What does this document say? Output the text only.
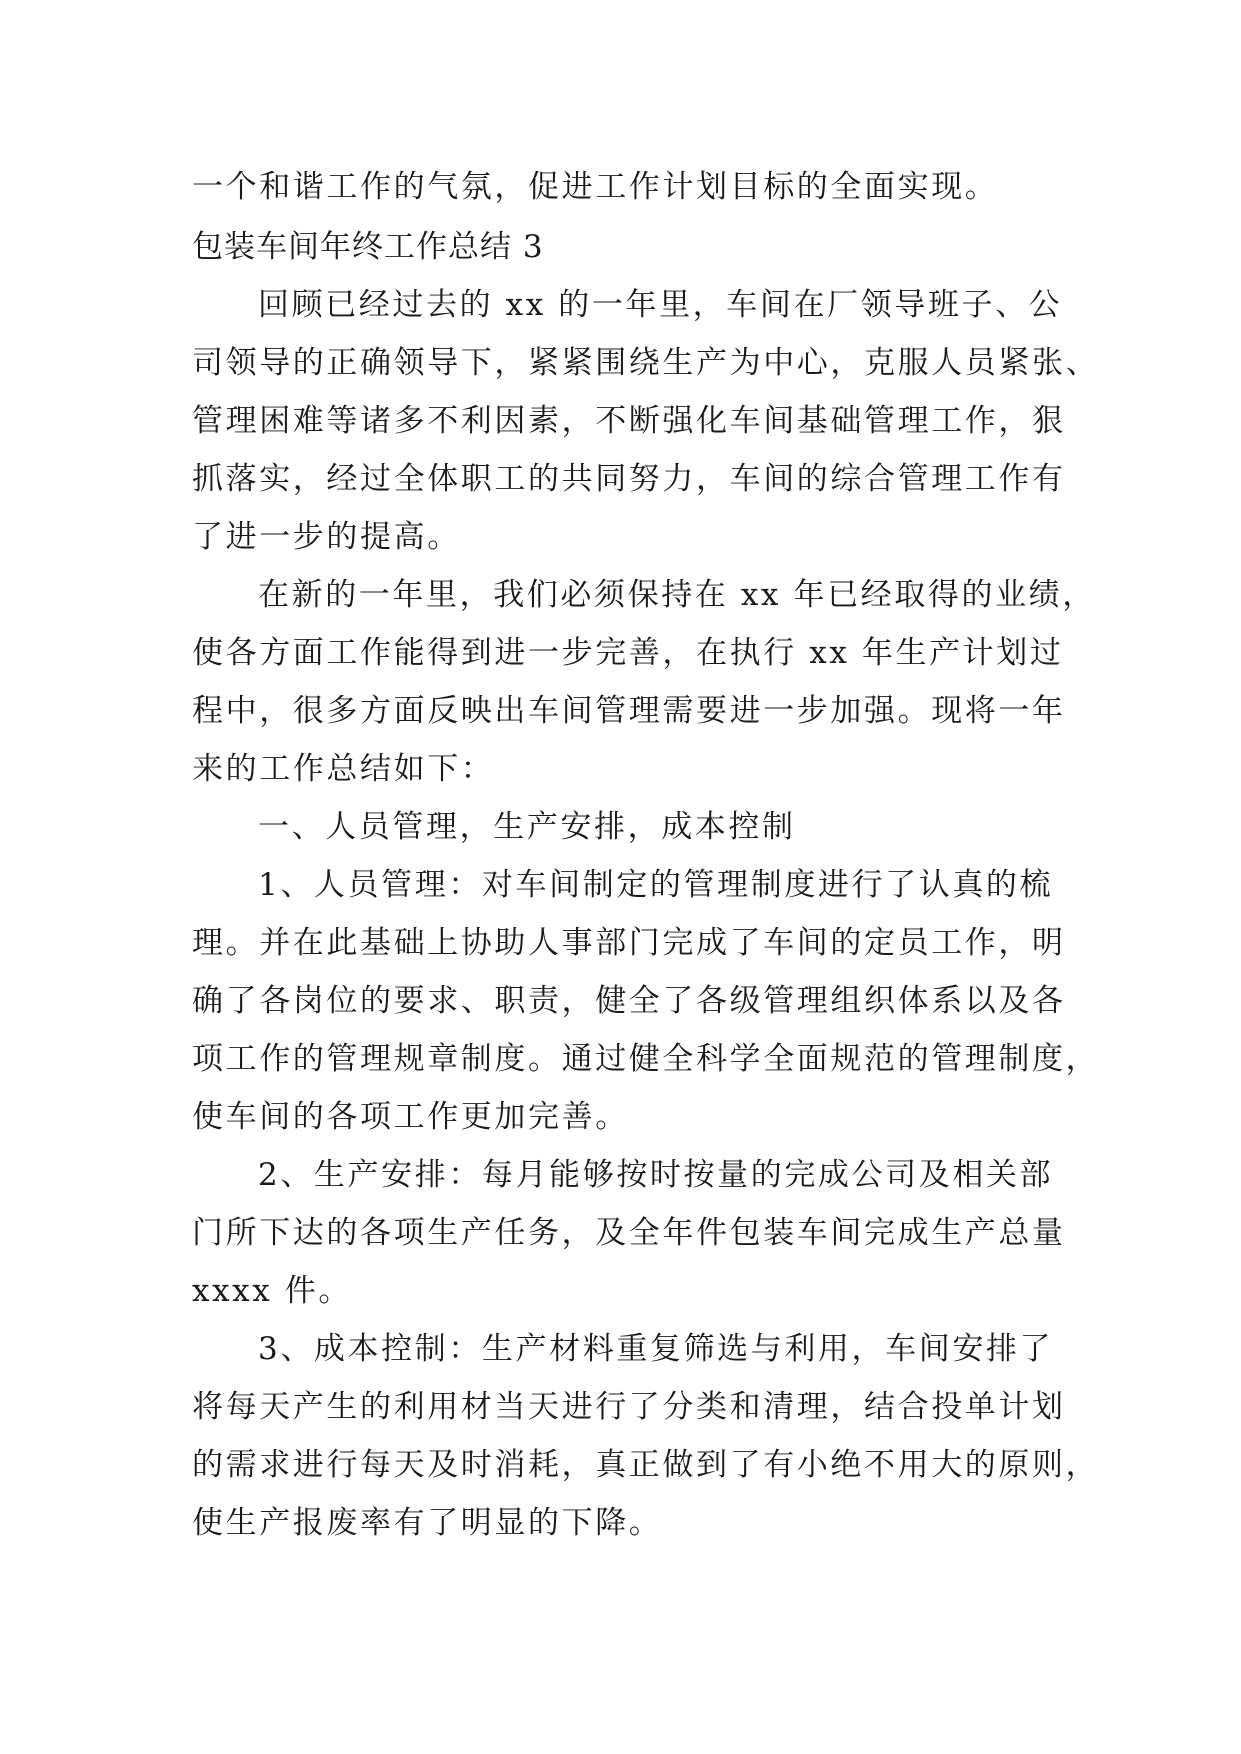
一个和谐工作的气氛，促进工作计划目标的全面实现。
包装车间年终工作总结 3
回顾已经过去的 xx 的一年里，车间在厂领导班子、公
司领导的正确领导下，紧紧围绕生产为中心，克服人员紧张、
管理困难等诸多不利因素，不断强化车间基础管理工作，狠
抓落实，经过全体职工的共同努力，车间的综合管理工作有
了进一步的提高。
在新的一年里，我们必须保持在 xx 年已经取得的业绩，
使各方面工作能得到进一步完善，在执行 xx 年生产计划过
程中，很多方面反映出车间管理需要进一步加强。现将一年
来的工作总结如下：
一、人员管理，生产安排，成本控制
1、人员管理：对车间制定的管理制度进行了认真的梳
理。并在此基础上协助人事部门完成了车间的定员工作，明
确了各岗位的要求、职责，健全了各级管理组织体系以及各
项工作的管理规章制度。通过健全科学全面规范的管理制度，
使车间的各项工作更加完善。
2、生产安排：每月能够按时按量的完成公司及相关部
门所下达的各项生产任务，及全年件包装车间完成生产总量
xxxx 件。
3、成本控制：生产材料重复筛选与利用，车间安排了
将每天产生的利用材当天进行了分类和清理，结合投单计划
的需求进行每天及时消耗，真正做到了有小绝不用大的原则，
使生产报废率有了明显的下降。
